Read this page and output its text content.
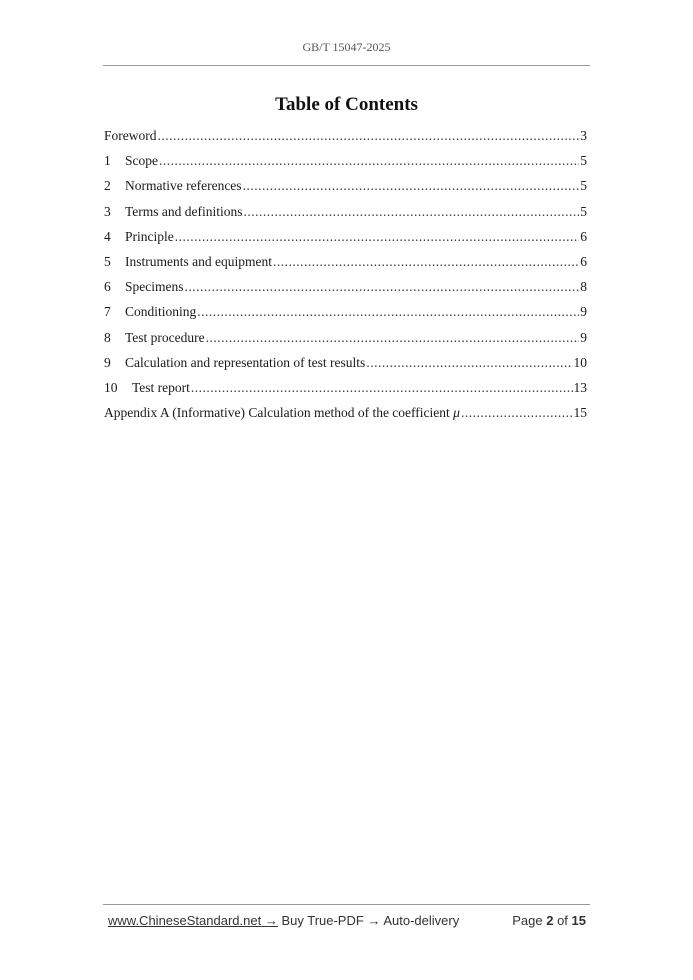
GB/T 15047-2025
Table of Contents
Foreword .....	3
1	Scope .....	5
2	Normative references .....	5
3	Terms and definitions .....	5
4	Principle .....	6
5	Instruments and equipment .....	6
6	Specimens .....	8
7	Conditioning .....	9
8	Test procedure .....	9
9	Calculation and representation of test results .....	10
10	Test report .....	13
Appendix A (Informative) Calculation method of the coefficient μ .....	15
www.ChineseStandard.net → Buy True-PDF → Auto-delivery	Page 2 of 15
